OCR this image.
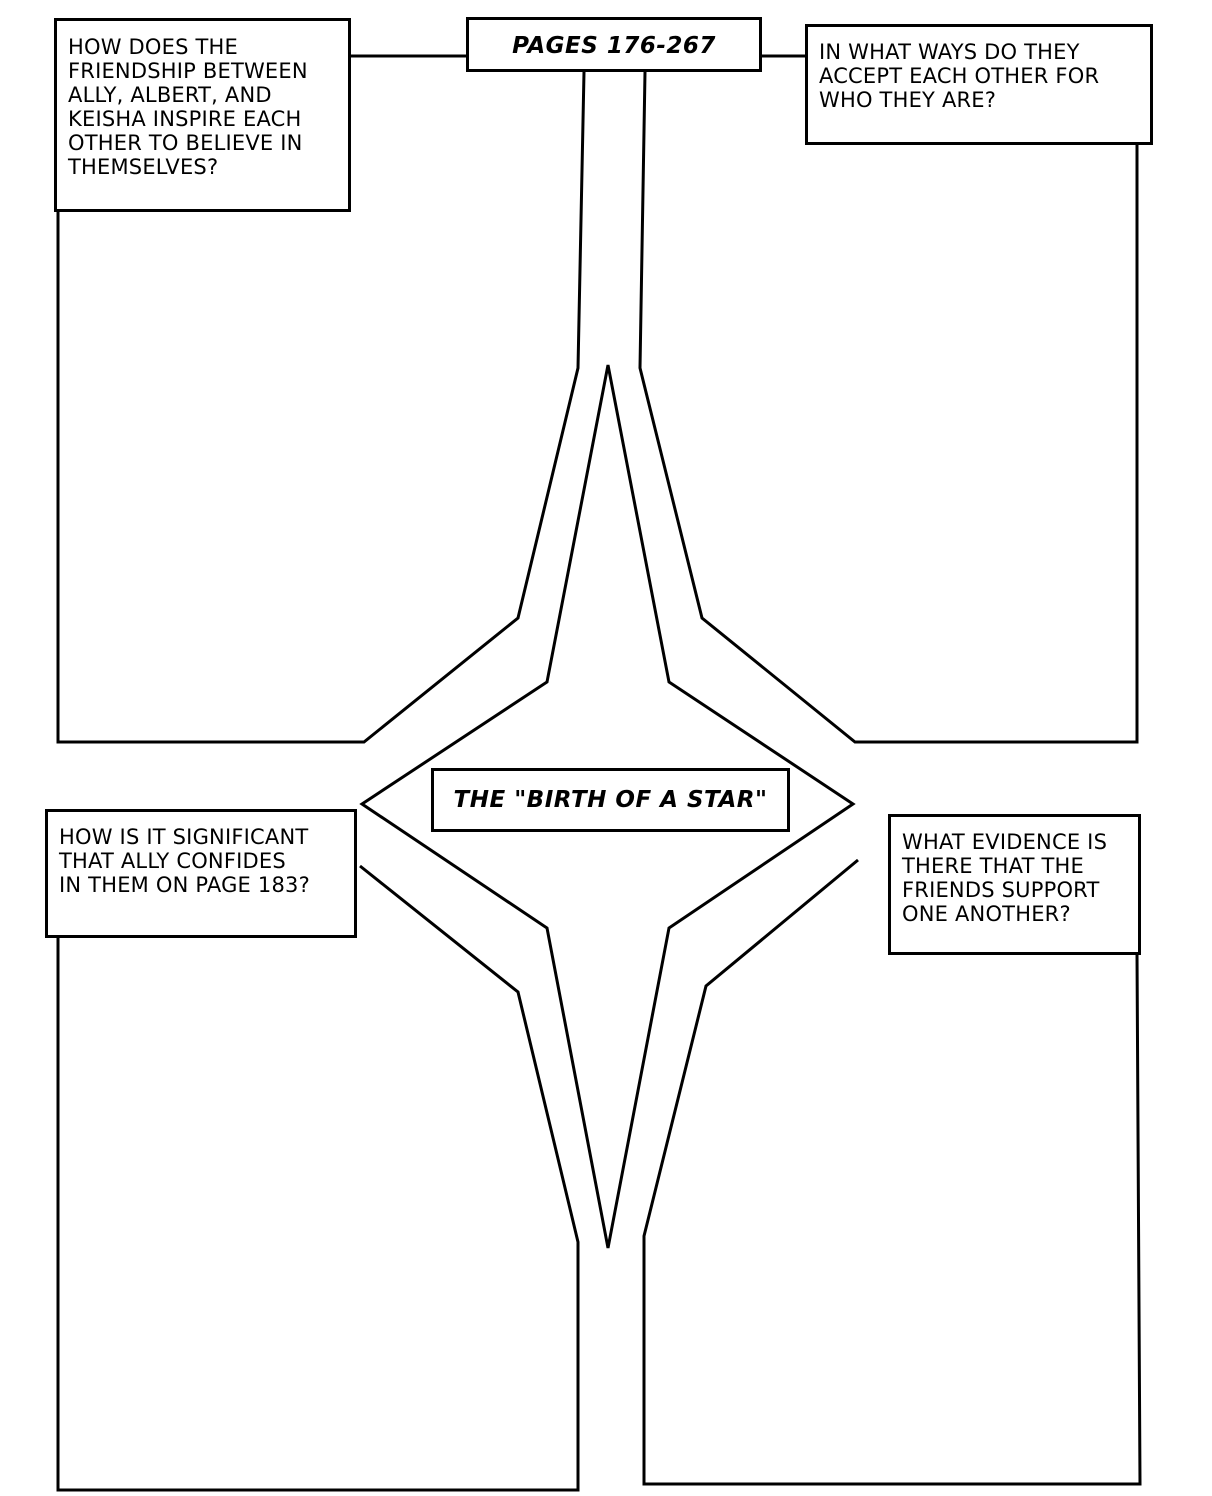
PAGES 176-267
HOW DOES THE
FRIENDSHIP BETWEEN
ALLY, ALBERT, AND
KEISHA INSPIRE EACH
OTHER TO BELIEVE IN
THEMSELVES?
IN WHAT WAYS DO THEY
ACCEPT EACH OTHER FOR
WHO THEY ARE?
THE "BIRTH OF A STAR"
HOW IS IT SIGNIFICANT
THAT ALLY CONFIDES
IN THEM ON PAGE 183?
WHAT EVIDENCE IS
THERE THAT THE
FRIENDS SUPPORT
ONE ANOTHER?
